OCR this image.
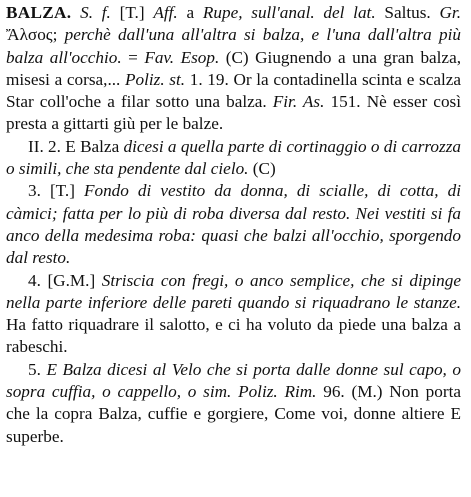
BALZA. S. f. [T.] Aff. a Rupe, sull'anal. del lat. Saltus. Gr. Ἄλσος; perchè dall'una all'altra si balza, e l'una dall'altra più balza all'occhio. = Fav. Esop. (C) Giugnendo a una gran balza, misesi a corsa,... Poliz. st. 1. 19. Or la contadinella scinta e scalza Star coll'oche a filar sotto una balza. Fir. As. 151. Nè esser così presta a gittarti giù per le balze.

II. 2. E Balza dicesi a quella parte di cortinaggio o di carrozza o simili, che sta pendente dal cielo. (C)

3. [T.] Fondo di vestito da donna, di scialle, di cotta, di càmici; fatta per lo più di roba diversa dal resto. Nei vestiti si fa anco della medesima roba: quasi che balzi all'occhio, sporgendo dal resto.

4. [G.M.] Striscia con fregi, o anco semplice, che si dipinge nella parte inferiore delle pareti quando si riquadrano le stanze. Ha fatto riquadrare il salotto, e ci ha voluto da piede una balza a rabeschi.

5. E Balza dicesi al Velo che si porta dalle donne sul capo, o sopra cuffia, o cappello, o sim. Poliz. Rim. 96. (M.) Non porta che la copra Balza, cuffie e gorgiere, Come voi, donne altiere E superbe.
